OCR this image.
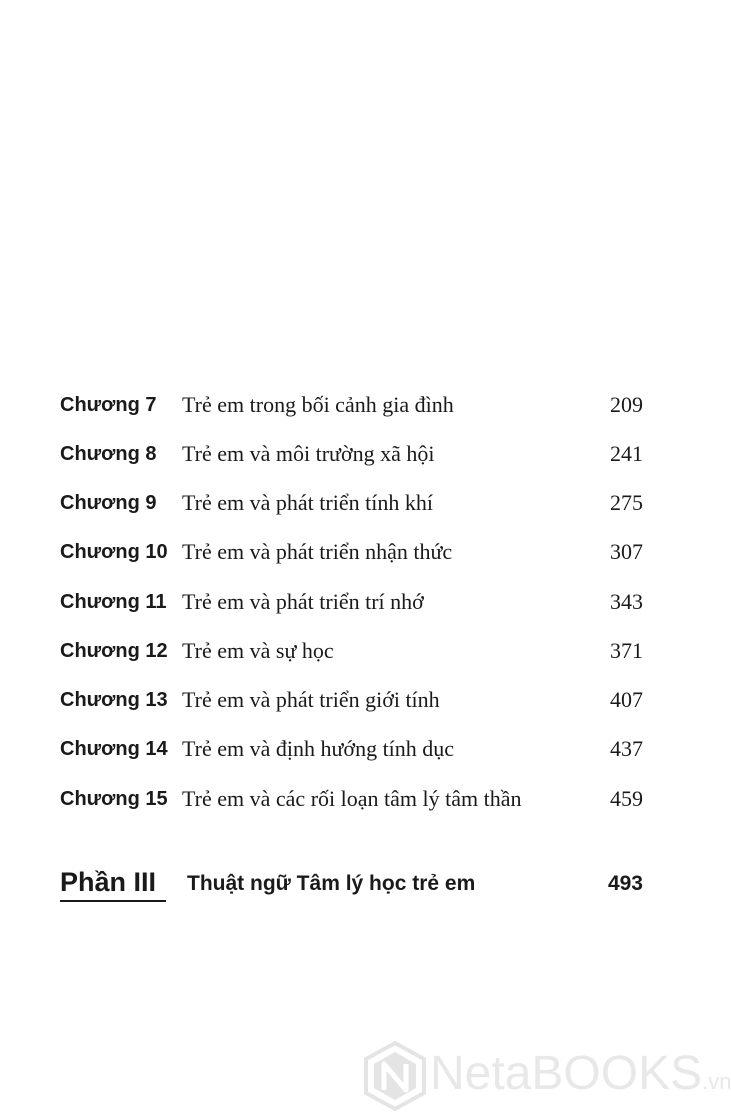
Chương 7 Trẻ em trong bối cảnh gia đình	209
Chương 8 Trẻ em và môi trường xã hội	241
Chương 9 Trẻ em và phát triển tính khí	275
Chương 10 Trẻ em và phát triển nhận thức	307
Chương 11 Trẻ em và phát triển trí nhớ	343
Chương 12 Trẻ em và sự học	371
Chương 13 Trẻ em và phát triển giới tính	407
Chương 14 Trẻ em và định hướng tính dục	437
Chương 15 Trẻ em và các rối loạn tâm lý tâm thần	459
Phần III Thuật ngữ Tâm lý học trẻ em	493
NetaBOOKS.vn
